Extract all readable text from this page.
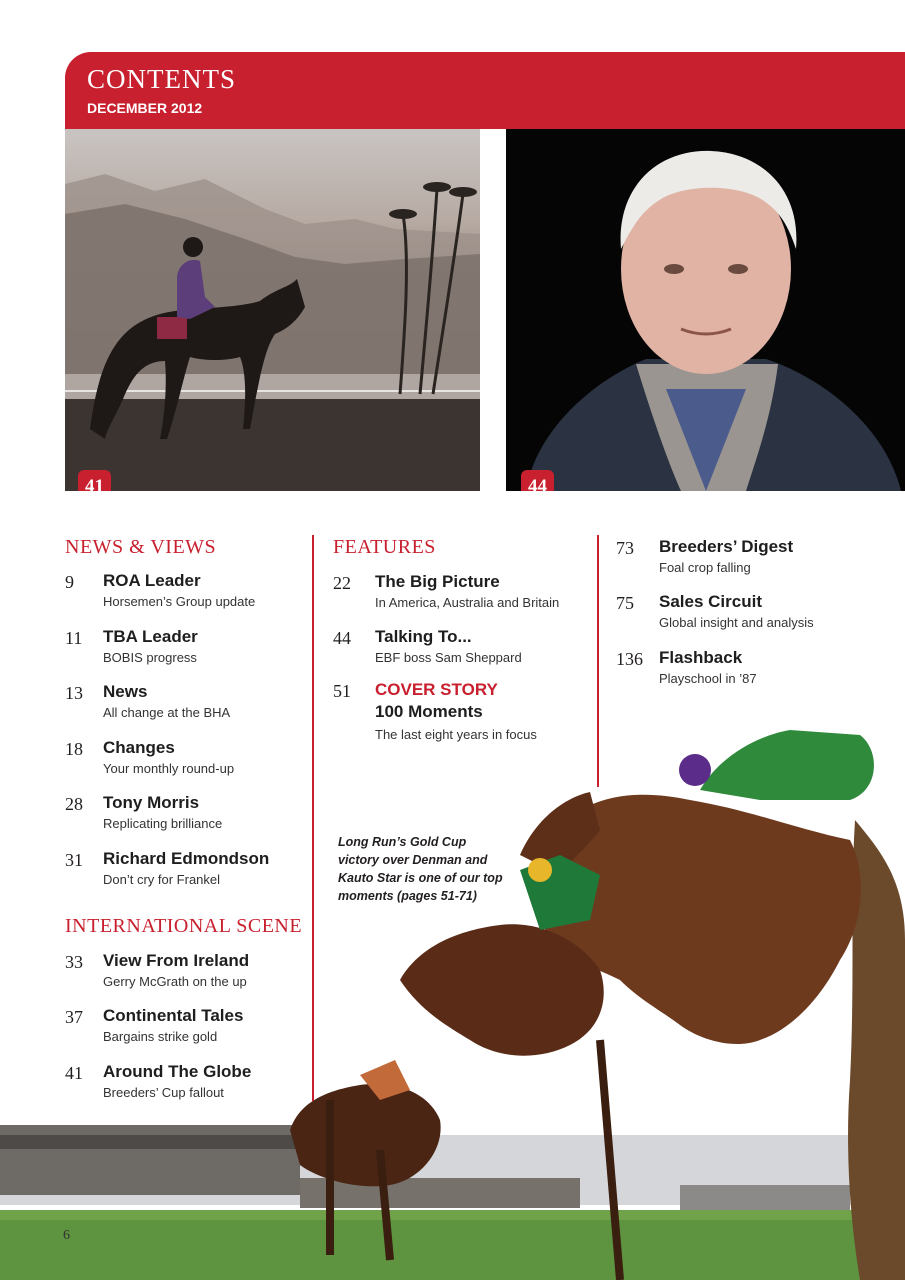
CONTENTS
DECEMBER 2012
41	44
NEWS & VIEWS
9 ROA Leader
Horsemen’s Group update
11 TBA Leader
BOBIS progress
13 News
All change at the BHA
18 Changes
Your monthly round-up
28 Tony Morris
Replicating brilliance
31 Richard Edmondson
Don’t cry for Frankel
INTERNATIONAL SCENE
33 View From Ireland
Gerry McGrath on the up
37 Continental Tales
Bargains strike gold
41 Around The Globe
Breeders’ Cup fallout
FEATURES
22 The Big Picture
In America, Australia and Britain
44 Talking To...
EBF boss Sam Sheppard
51 COVER STORY
100 Moments
The last eight years in focus
73 Breeders’ Digest
Foal crop falling
75 Sales Circuit
Global insight and analysis
136 Flashback
Playschool in ’87
Long Run’s Gold Cup victory over Denman and Kauto Star is one of our top moments (pages 51-71)
6
